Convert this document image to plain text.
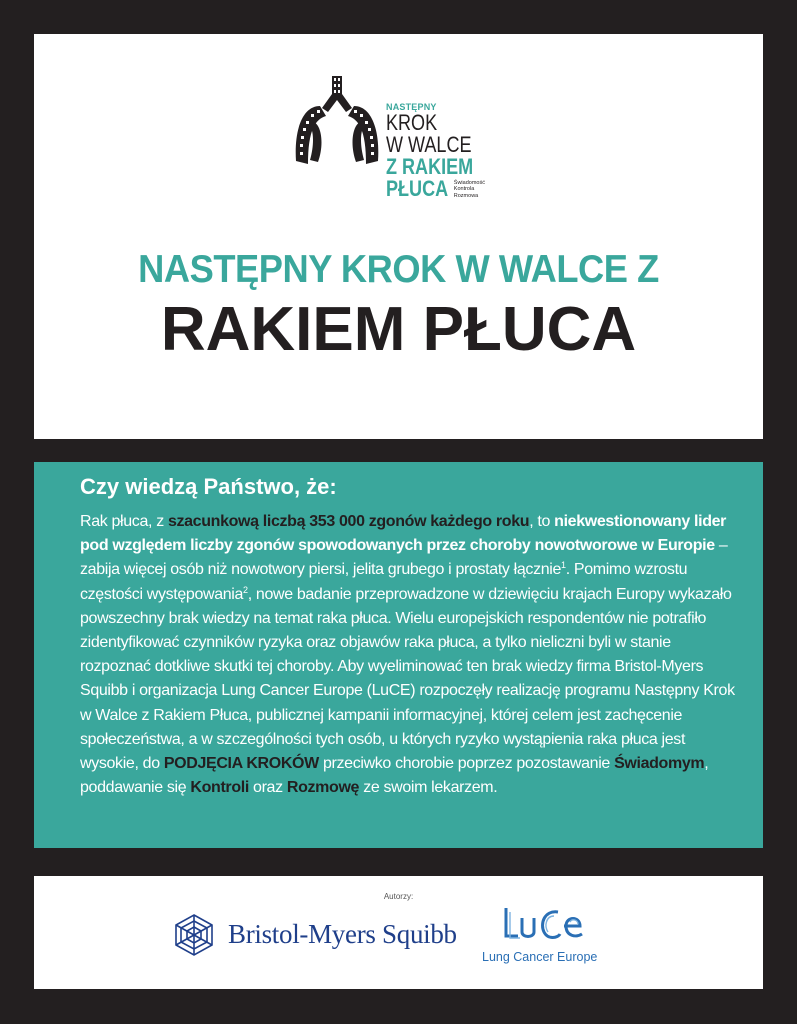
NASTĘPNY
KROK
W WALCE
Z RAKIEM
PŁUCA Świadomość
Kontrola
Rozmowa
NASTĘPNY KROK W WALCE Z
RAKIEM PŁUCA
Czy wiedzą Państwo, że:
Rak płuca, z szacunkową liczbą 353 000 zgonów każdego roku, to niekwestionowany lider pod względem liczby zgonów spowodowanych przez choroby nowotworowe w Europie – zabija więcej osób niż nowotwory piersi, jelita grubego i prostaty łącznie$^1$. Pomimo wzrostu częstości występowania$^2$, nowe badanie przeprowadzone w dziewięciu krajach Europy wykazało powszechny brak wiedzy na temat raka płuca. Wielu europejskich respondentów nie potrafiło zidentyfikować czynników ryzyka oraz objawów raka płuca, a tylko nieliczni byli w stanie rozpoznać dotkliwe skutki tej choroby. Aby wyeliminować ten brak wiedzy firma Bristol-Myers Squibb i organizacja Lung Cancer Europe (LuCE) rozpoczęły realizację programu Następny Krok w Walce z Rakiem Płuca, publicznej kampanii informacyjnej, której celem jest zachęcenie społeczeństwa, a w szczególności tych osób, u których ryzyko wystąpienia raka płuca jest wysokie, do PODJĘCIA KROKÓW przeciwko chorobie poprzez pozostawanie Świadomym, poddawanie się Kontroli oraz Rozmowę ze swoim lekarzem.
Autorzy:
Bristol-Myers Squibb
Lung Cancer Europe
